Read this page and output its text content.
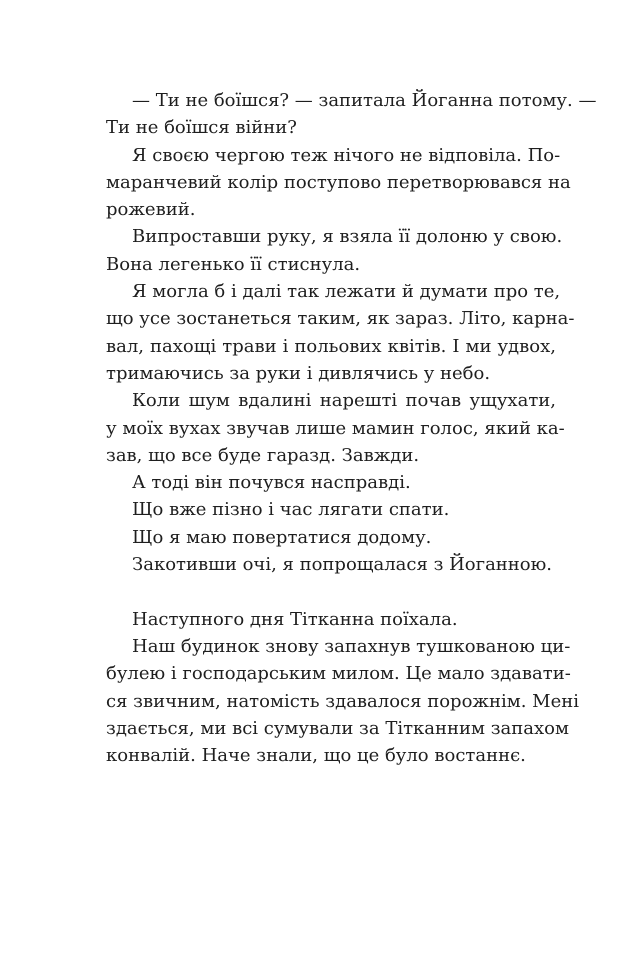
— Ти не боїшся? — запитала Йоганна потому. —
Ти не боїшся війни?
Я своєю чергою теж нічого не відповіла. По-
маранчевий колір поступово перетворювався на
рожевий.
Випроставши руку, я взяла її долоню у свою.
Вона легенько її стиснула.
Я могла б і далі так лежати й думати про те,
що усе зостанеться таким, як зараз. Літо, карна-
вал, пахощі трави і польових квітів. І ми удвох,
тримаючись за руки і дивлячись у небо.
Коли шум вдалині нарешті почав ущухати,
у моїх вухах звучав лише мамин голос, який ка-
зав, що все буде гаразд. Завжди.
А тоді він почувся насправді.
Що вже пізно і час лягати спати.
Що я маю повертатися додому.
Закотивши очі, я попрощалася з Йоганною.
Наступного дня Тітканна поїхала.
Наш будинок знову запахнув тушкованою ци-
булею і господарським милом. Це мало здавати-
ся звичним, натомість здавалося порожнім. Мені
здається, ми всі сумували за Тітканним запахом
конвалій. Наче знали, що це було востаннє.
